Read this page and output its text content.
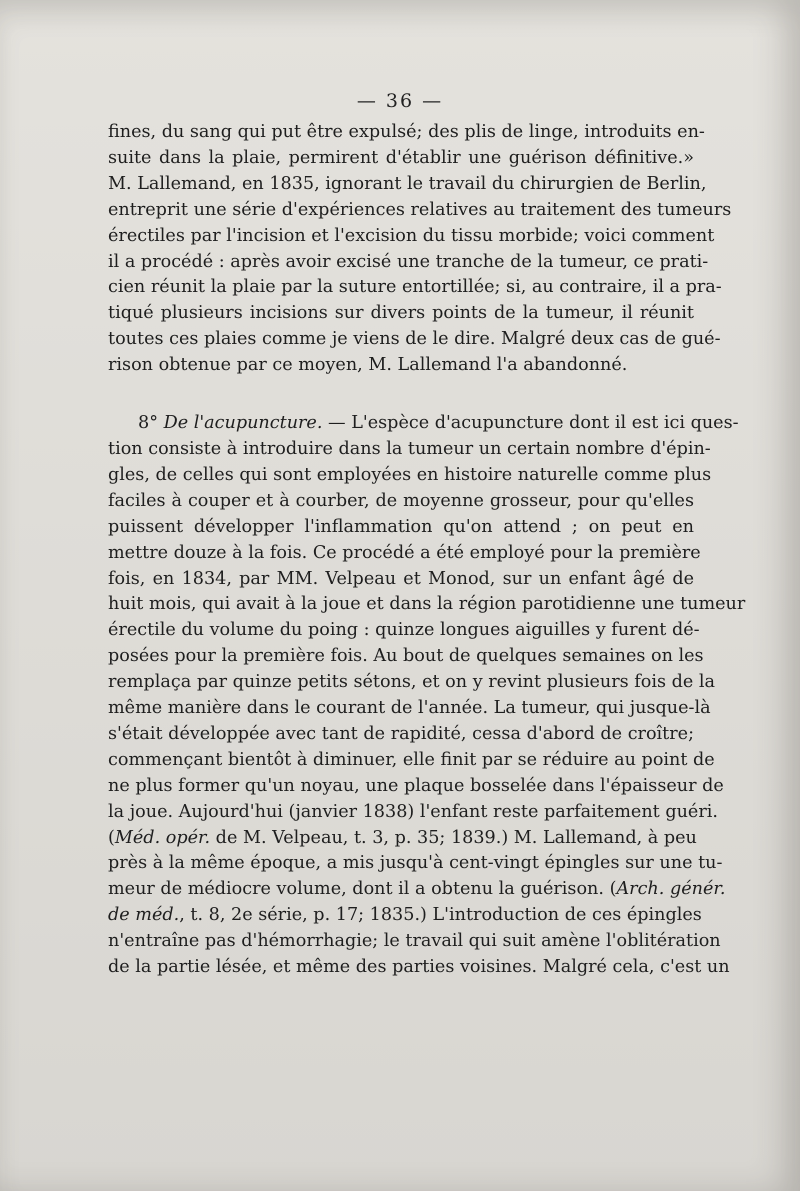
— 36 —
fines, du sang qui put être expulsé; des plis de linge, introduits en-
suite dans la plaie, permirent d'établir une guérison définitive.»
M. Lallemand, en 1835, ignorant le travail du chirurgien de Berlin,
entreprit une série d'expériences relatives au traitement des tumeurs
érectiles par l'incision et l'excision du tissu morbide; voici comment
il a procédé : après avoir excisé une tranche de la tumeur, ce prati-
cien réunit la plaie par la suture entortillée; si, au contraire, il a pra-
tiqué plusieurs incisions sur divers points de la tumeur, il réunit
toutes ces plaies comme je viens de le dire. Malgré deux cas de gué-
rison obtenue par ce moyen, M. Lallemand l'a abandonné.
8° De l'acupuncture. — L'espèce d'acupuncture dont il est ici ques-
tion consiste à introduire dans la tumeur un certain nombre d'épin-
gles, de celles qui sont employées en histoire naturelle comme plus
faciles à couper et à courber, de moyenne grosseur, pour qu'elles
puissent développer l'inflammation qu'on attend ; on peut en
mettre douze à la fois. Ce procédé a été employé pour la première
fois, en 1834, par MM. Velpeau et Monod, sur un enfant âgé de
huit mois, qui avait à la joue et dans la région parotidienne une tumeur
érectile du volume du poing : quinze longues aiguilles y furent dé-
posées pour la première fois. Au bout de quelques semaines on les
remplaça par quinze petits sétons, et on y revint plusieurs fois de la
même manière dans le courant de l'année. La tumeur, qui jusque-là
s'était développée avec tant de rapidité, cessa d'abord de croître;
commençant bientôt à diminuer, elle finit par se réduire au point de
ne plus former qu'un noyau, une plaque bosselée dans l'épaisseur de
la joue. Aujourd'hui (janvier 1838) l'enfant reste parfaitement guéri.
(Méd. opér. de M. Velpeau, t. 3, p. 35; 1839.) M. Lallemand, à peu
près à la même époque, a mis jusqu'à cent-vingt épingles sur une tu-
meur de médiocre volume, dont il a obtenu la guérison. (Arch. génér.
de méd., t. 8, 2e série, p. 17; 1835.) L'introduction de ces épingles
n'entraîne pas d'hémorrhagie; le travail qui suit amène l'oblitération
de la partie lésée, et même des parties voisines. Malgré cela, c'est un
